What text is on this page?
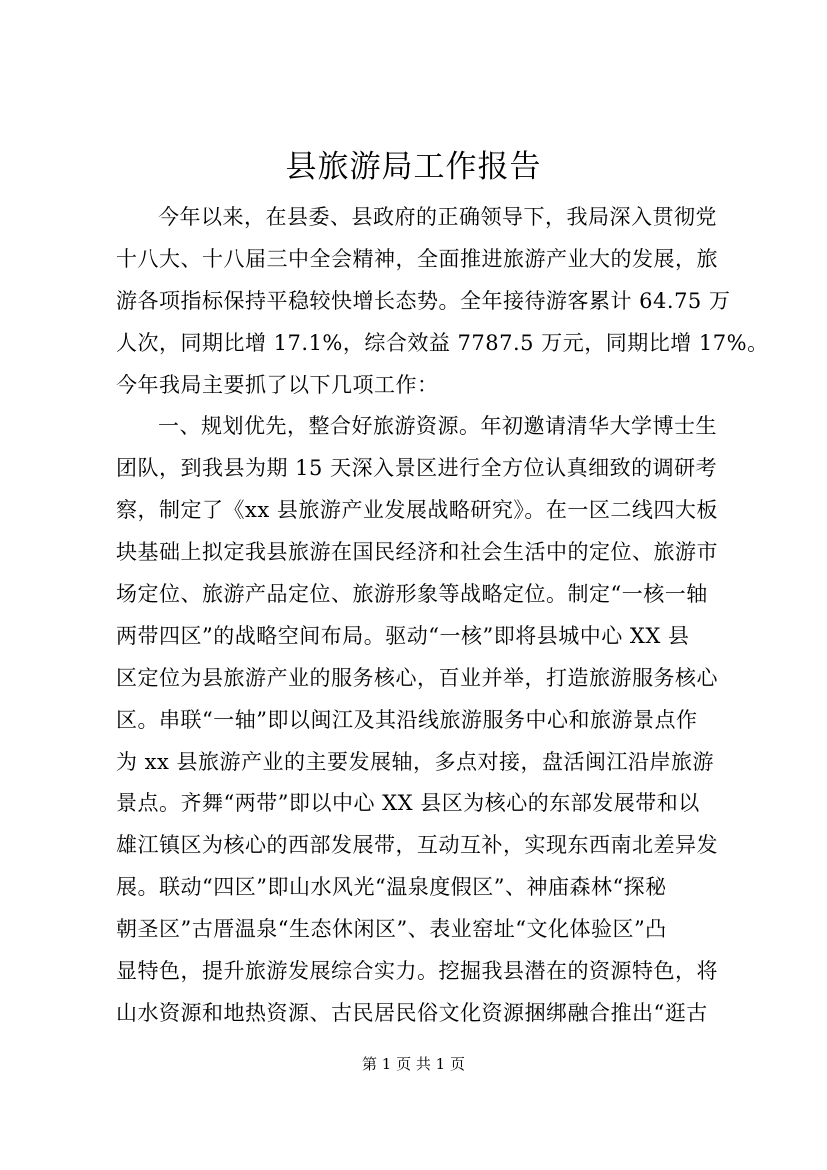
县旅游局工作报告
今年以来，在县委、县政府的正确领导下，我局深入贯彻党
十八大、十八届三中全会精神，全面推进旅游产业大的发展，旅
游各项指标保持平稳较快增长态势。全年接待游客累计 64.75 万
人次，同期比增 17.1%，综合效益 7787.5 万元，同期比增 17%。
今年我局主要抓了以下几项工作：
一、规划优先，整合好旅游资源。年初邀请清华大学博士生
团队，到我县为期 15 天深入景区进行全方位认真细致的调研考
察，制定了《xx 县旅游产业发展战略研究》。在一区二线四大板
块基础上拟定我县旅游在国民经济和社会生活中的定位、旅游市
场定位、旅游产品定位、旅游形象等战略定位。制定“一核一轴
两带四区”的战略空间布局。驱动“一核”即将县城中心 XX 县
区定位为县旅游产业的服务核心，百业并举，打造旅游服务核心
区。串联“一轴”即以闽江及其沿线旅游服务中心和旅游景点作
为 xx 县旅游产业的主要发展轴，多点对接，盘活闽江沿岸旅游
景点。齐舞“两带”即以中心 XX 县区为核心的东部发展带和以
雄江镇区为核心的西部发展带，互动互补，实现东西南北差异发
展。联动“四区”即山水风光“温泉度假区”、神庙森林“探秘
朝圣区”古厝温泉“生态休闲区”、表业窑址“文化体验区”凸
显特色，提升旅游发展综合实力。挖掘我县潜在的资源特色，将
山水资源和地热资源、古民居民俗文化资源捆绑融合推出“逛古
第 1 页 共 1 页
